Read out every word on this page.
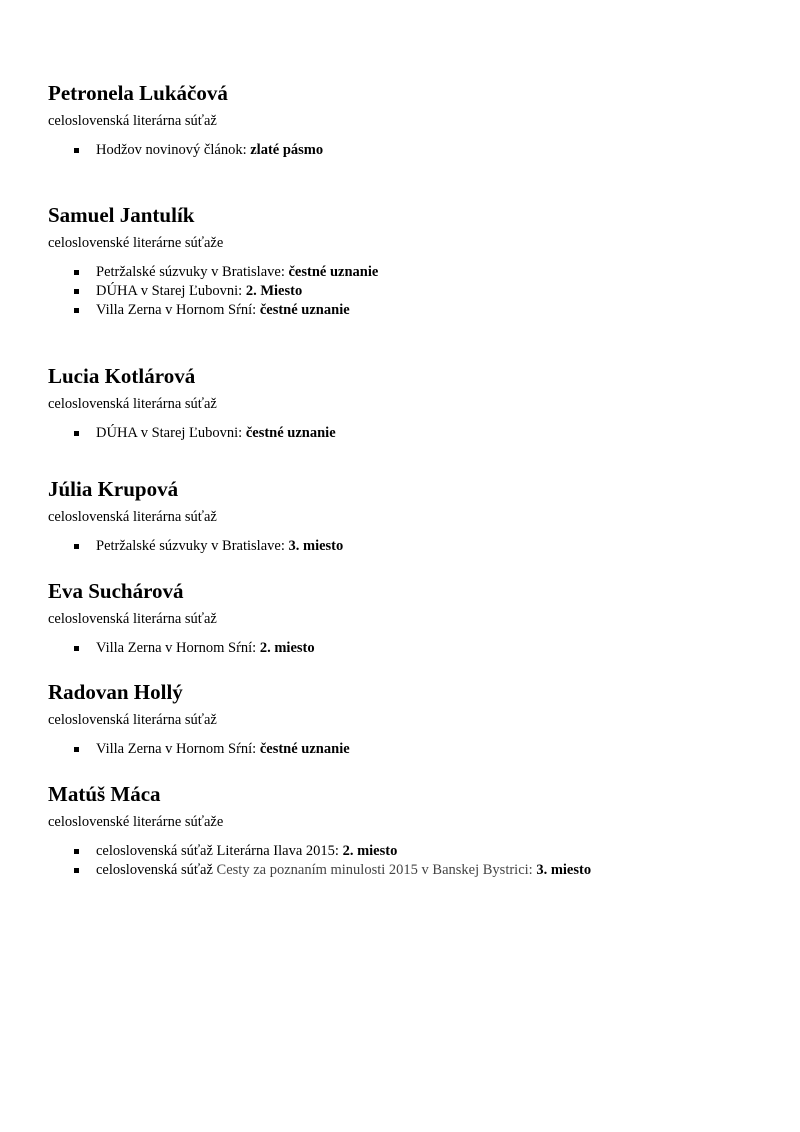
Petronela Lukáčová

celoslovenská literárna súťaž

Hodžov novinový článok: zlaté pásmo
Samuel Jantulík

celoslovenské literárne súťaže

Petržalské súzvuky v Bratislave: čestné uznanie
DÚHA v Starej Ľubovni: 2. Miesto
Villa Zerna v Hornom Sŕní: čestné uznanie
Lucia Kotlárová

celoslovenská literárna súťaž

DÚHA v Starej Ľubovni: čestné uznanie
Júlia Krupová

celoslovenská literárna súťaž

Petržalské súzvuky v Bratislave: 3. miesto
Eva Suchárová

celoslovenská literárna súťaž

Villa Zerna v Hornom Sŕní: 2. miesto
Radovan Hollý

celoslovenská literárna súťaž

Villa Zerna v Hornom Sŕní: čestné uznanie
Matúš Máca

celoslovenské literárne súťaže

celoslovenská súťaž Literárna Ilava 2015: 2. miesto
celoslovenská súťaž Cesty za poznaním minulosti 2015 v Banskej Bystrici: 3. miesto
